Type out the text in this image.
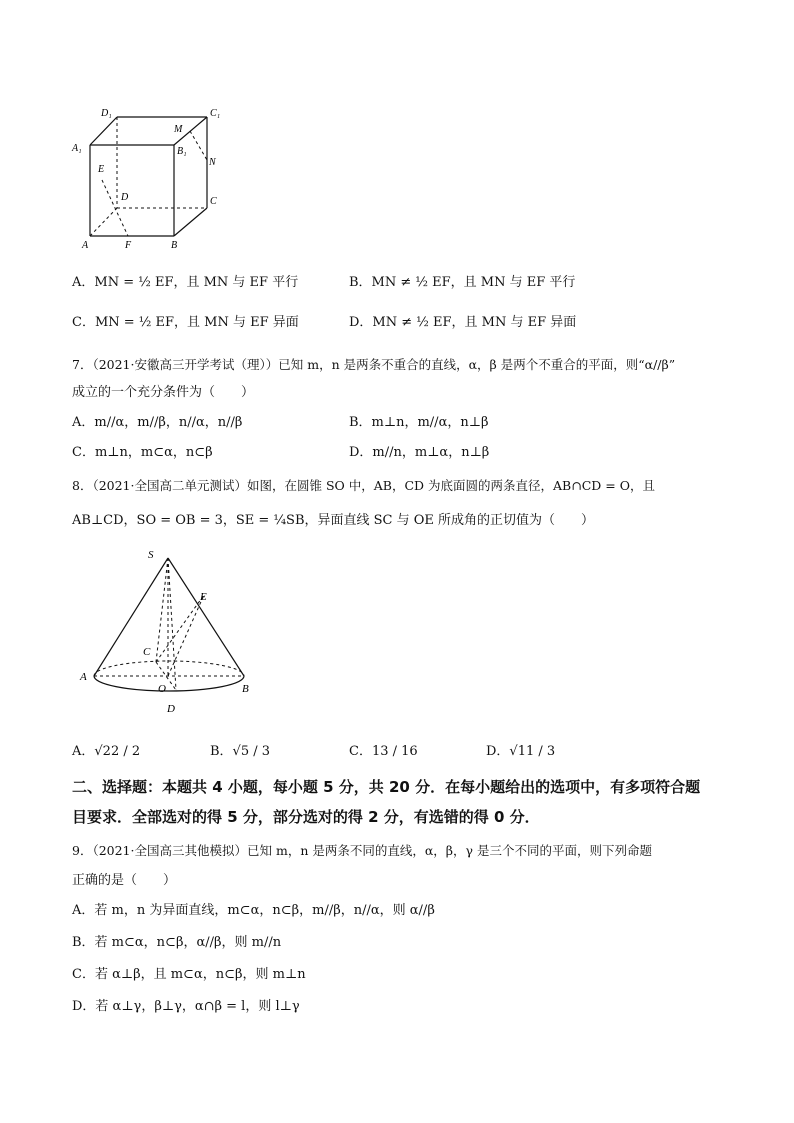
D₁	C₁
A₁	B₁
M
N
E
D	C
A	F	B
A．MN = ½ EF，且 MN 与 EF 平行	B．MN ≠ ½ EF，且 MN 与 EF 平行
C．MN = ½ EF，且 MN 与 EF 异面	D．MN ≠ ½ EF，且 MN 与 EF 异面
7．（2021·安徽高三开学考试（理））已知 m，n 是两条不重合的直线，α，β 是两个不重合的平面，则“α//β”
成立的一个充分条件为（　　）
A．m//α，m//β，n//α，n//β	B．m⊥n，m//α，n⊥β
C．m⊥n，m⊂α，n⊂β	D．m//n，m⊥α，n⊥β
8．（2021·全国高二单元测试）如图，在圆锥 SO 中，AB，CD 为底面圆的两条直径，AB∩CD = O，且
AB⊥CD，SO = OB = 3，SE = ¼SB，异面直线 SC 与 OE 所成角的正切值为（　　）
S
E
C
A
O	B
D
A．√22 / 2	B．√5 / 3	C．13 / 16	D．√11 / 3
二、选择题：本题共 4 小题，每小题 5 分，共 20 分．在每小题给出的选项中，有多项符合题
目要求．全部选对的得 5 分，部分选对的得 2 分，有选错的得 0 分．
9．（2021·全国高三其他模拟）已知 m，n 是两条不同的直线，α，β，γ 是三个不同的平面，则下列命题
正确的是（　　）
A．若 m，n 为异面直线，m⊂α，n⊂β，m//β，n//α，则 α//β
B．若 m⊂α，n⊂β，α//β，则 m//n
C．若 α⊥β，且 m⊂α，n⊂β，则 m⊥n
D．若 α⊥γ，β⊥γ，α∩β = l，则 l⊥γ
